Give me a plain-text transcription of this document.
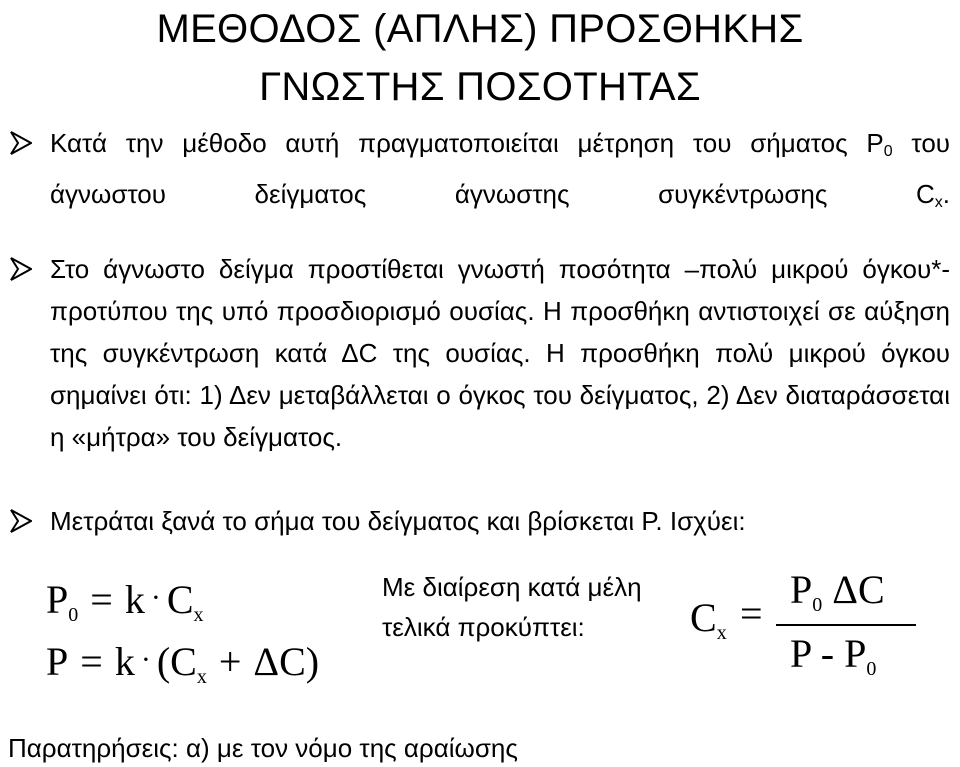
ΜΕΘΟΔΟΣ (ΑΠΛΗΣ) ΠΡΟΣΘΗΚΗΣ
ΓΝΩΣΤΗΣ ΠΟΣΟΤΗΤΑΣ
Κατά την μέθοδο αυτή πραγματοποιείται μέτρηση του σήματος $P_0$ του άγνωστου δείγματος άγνωστης συγκέντρωσης $C_x$.
Στο άγνωστο δείγμα προστίθεται γνωστή ποσότητα –πολύ μικρού όγκου*- προτύπου της υπό προσδιορισμό ουσίας. Η προσθήκη αντιστοιχεί σε αύξηση της συγκέντρωση κατά ΔC της ουσίας. Η προσθήκη πολύ μικρού όγκου σημαίνει ότι: 1) Δεν μεταβάλλεται ο όγκος του δείγματος, 2) Δεν διαταράσσεται η «μήτρα» του δείγματος.
Μετράται ξανά το σήμα του δείγματος και βρίσκεται P. Ισχύει:
$P_0 = k \cdot C_x$
$P = k \cdot (C_x + \Delta C)$
Με διαίρεση κατά μέλη τελικά προκύπτει:	$C_x$ =
$P_0$ ΔC
P - $P_0$
Παρατηρήσεις: α) με τον νόμο της αραίωσης
